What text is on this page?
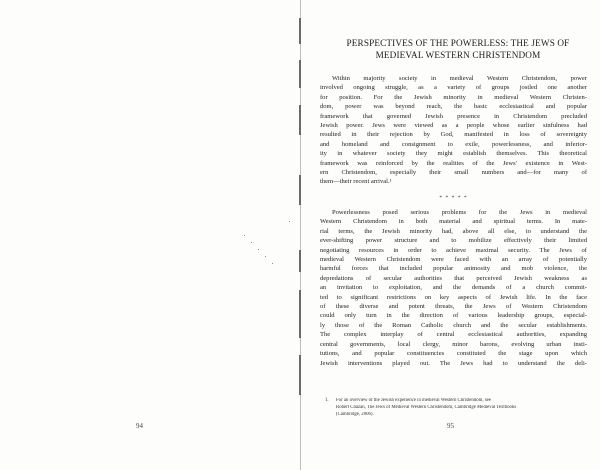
94	95
PERSPECTIVES OF THE POWERLESS: THE JEWS OF
MEDIEVAL WESTERN CHRISTENDOM

Within majority society in medieval Western Christendom, power
involved ongoing struggle, as a variety of groups jostled one another
for position. For the Jewish minority in medieval Western Christen-
dom, power was beyond reach, the basic ecclesiastical and popular
framework that governed Jewish presence in Christendom precluded
Jewish power. Jews were viewed as a people whose earlier sinfulness had
resulted in their rejection by God, manifested in loss of sovereignty
and homeland and consignment to exile, powerlessness, and inferior-
ity in whatever society they might establish themselves. This theoretical
framework was reinforced by the realities of the Jews' existence in West-
ern Christendom, especially their small numbers and—for many of
them—their recent arrival.¹

* * * * *

Powerlessness posed serious problems for the Jews in medieval
Western Christendom in both material and spiritual terms. In mate-
rial terms, the Jewish minority had, above all else, to understand the
ever-shifting power structure and to mobilize effectively their limited
negotiating resources in order to achieve maximal security. The Jews of
medieval Western Christendom were faced with an array of potentially
harmful forces that included popular animosity and mob violence, the
depredations of secular authorities that perceived Jewish weakness as
an invitation to exploitation, and the demands of a church commit-
ted to significant restrictions on key aspects of Jewish life. In the face
of these diverse and potent threats, the Jews of Western Christendom
could only turn in the direction of various leadership groups, especial-
ly those of the Roman Catholic church and the secular establishments.
The complex interplay of central ecclesiastical authorities, expanding
central governments, local clergy, minor barons, evolving urban insti-
tutions, and popular constituencies constituted the stage upon which
Jewish interventions played out. The Jews had to understand the deli-

1. For an overview of the Jewish experience in medieval Western Christendom, see
Robert Chazan, The Jews of Medieval Western Christendom, Cambridge Medieval Textbooks
(Cambridge, 2006).
